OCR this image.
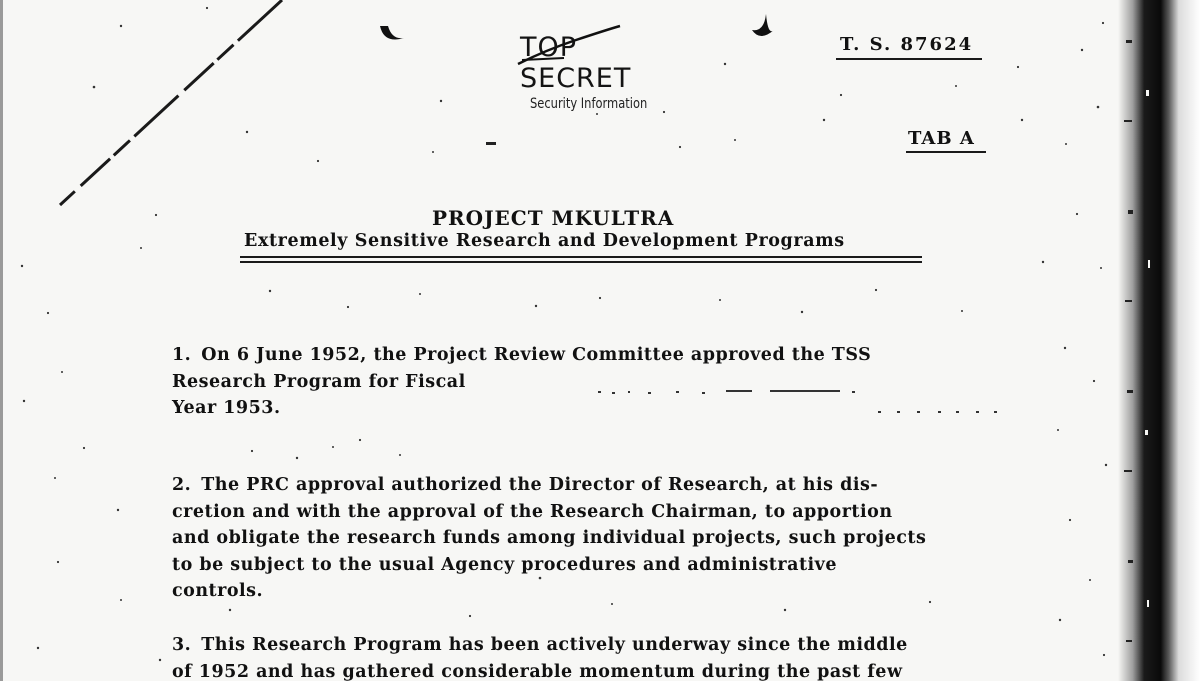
TOP SECRET
Security Information
T. S. 87624
TAB A
PROJECT MKULTRA
Extremely Sensitive Research and Development Programs
1. On 6 June 1952, the Project Review Committee approved the TSS
Research Program for Fiscal
Year 1953.
2. The PRC approval authorized the Director of Research, at his dis-
cretion and with the approval of the Research Chairman, to apportion
and obligate the research funds among individual projects, such projects
to be subject to the usual Agency procedures and administrative
controls.
3. This Research Program has been actively underway since the middle
of 1952 and has gathered considerable momentum during the past few
